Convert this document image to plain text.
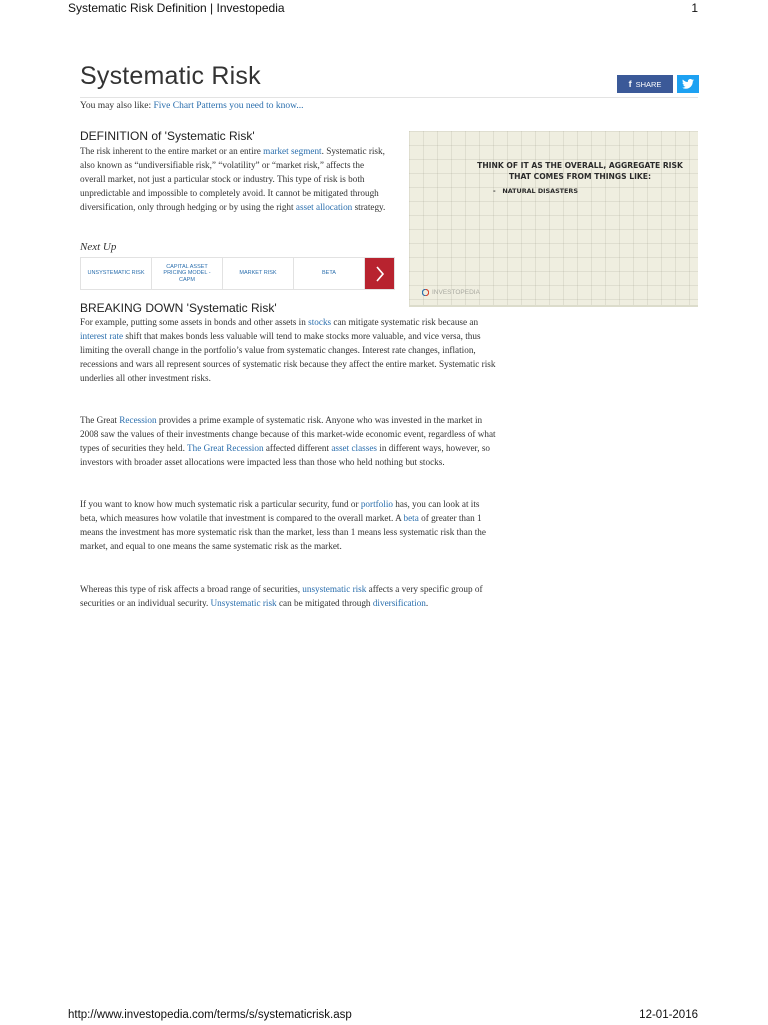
Systematic Risk Definition | Investopedia	1
Systematic Risk	f SHARE
You may also like: Five Chart Patterns you need to know...
DEFINITION of 'Systematic Risk'

The risk inherent to the entire market or an entire market segment. Systematic risk, also known as “undiversifiable risk,” “volatility” or “market risk,” affects the overall market, not just a particular stock or industry. This type of risk is both unpredictable and impossible to completely avoid. It cannot be mitigated through diversification, only through hedging or by using the right asset allocation strategy.

Next Up
UNSYSTEMATIC RISK
CAPITAL ASSET PRICING MODEL - CAPM
MARKET RISK	BETA
THINK OF IT AS THE OVERALL, AGGREGATE RISK THAT COMES FROM THINGS LIKE:
- NATURAL DISASTERS
INVESTOPEDIA
BREAKING DOWN 'Systematic Risk'

For example, putting some assets in bonds and other assets in stocks can mitigate systematic risk because an interest rate shift that makes bonds less valuable will tend to make stocks more valuable, and vice versa, thus limiting the overall change in the portfolio’s value from systematic changes. Interest rate changes, inflation, recessions and wars all represent sources of systematic risk because they affect the entire market. Systematic risk underlies all other investment risks.

The Great Recession provides a prime example of systematic risk. Anyone who was invested in the market in 2008 saw the values of their investments change because of this market-wide economic event, regardless of what types of securities they held. The Great Recession affected different asset classes in different ways, however, so investors with broader asset allocations were impacted less than those who held nothing but stocks.

If you want to know how much systematic risk a particular security, fund or portfolio has, you can look at its beta, which measures how volatile that investment is compared to the overall market. A beta of greater than 1 means the investment has more systematic risk than the market, less than 1 means less systematic risk than the market, and equal to one means the same systematic risk as the market.

Whereas this type of risk affects a broad range of securities, unsystematic risk affects a very specific group of securities or an individual security. Unsystematic risk can be mitigated through diversification.

http://www.investopedia.com/terms/s/systematicrisk.asp	12-01-2016
